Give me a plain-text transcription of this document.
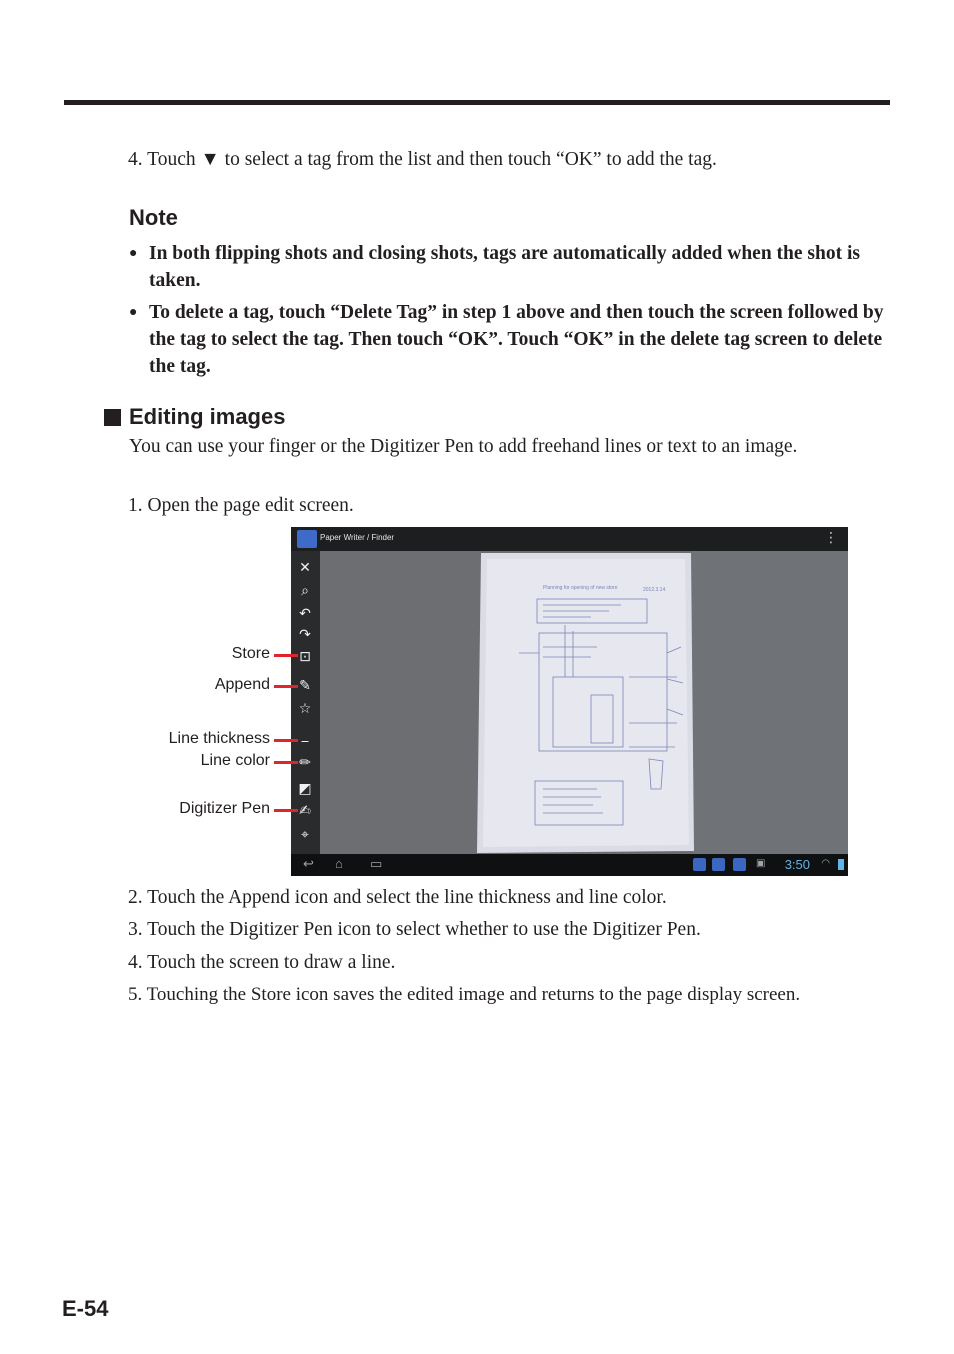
4. Touch ▼ to select a tag from the list and then touch “OK” to add the tag.
Note
● In both flipping shots and closing shots, tags are automatically added when the shot is taken.
● To delete a tag, touch “Delete Tag” in step 1 above and then touch the screen followed by the tag to select the tag. Then touch “OK”. Touch “OK” in the delete tag screen to delete the tag.
Editing images
You can use your finger or the Digitizer Pen to add freehand lines or text to an image.
1. Open the page edit screen.
Paper Writer / Finder	⋮
✕
⌕
↶
↷
⊡
✎
☆
⎯
✏
◩
✍
⌖
Planning for opening of new store	2012.3.14
↩ ⌂ ▭	▣ 3:50 ◠
Store
Append
Line thickness
Line color
Digitizer Pen
2. Touch the Append icon and select the line thickness and line color.
3. Touch the Digitizer Pen icon to select whether to use the Digitizer Pen.
4. Touch the screen to draw a line.
5. Touching the Store icon saves the edited image and returns to the page display screen.
E-54
